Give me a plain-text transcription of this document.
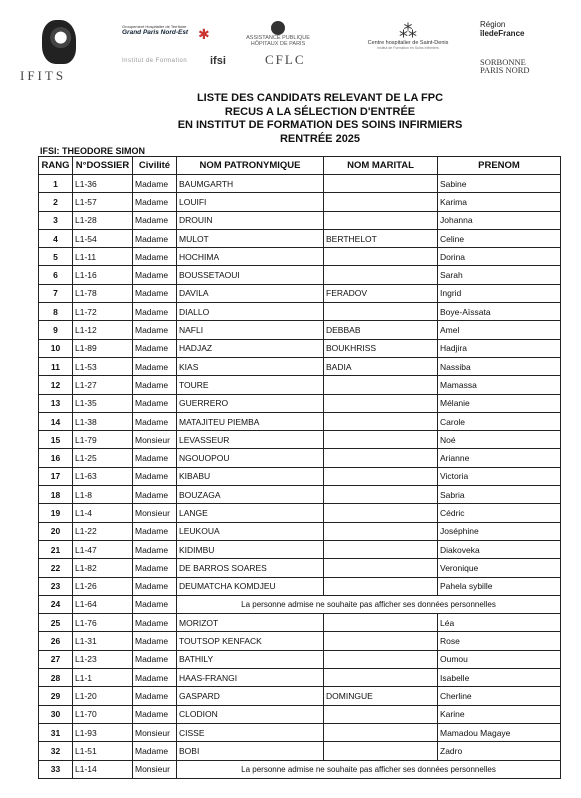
IFITS
Groupement Hospitalier de Territoire
Grand Paris Nord-Est
Institut de Formation
✱
ifsi
ASSISTANCE PUBLIQUE HÔPITAUX DE PARIS
CFLC
⁂
Centre hospitalier de Saint-Denis
Institut de Formation en Soins Infirmiers
Région
îledeFrance
SORBONNE
PARIS NORD
LISTE DES CANDIDATS RELEVANT DE LA FPC
RECUS A LA SÉLECTION D'ENTRÉE
EN INSTITUT DE FORMATION DES SOINS INFIRMIERS
RENTRÉE 2025
IFSI: THEODORE SIMON
RANG	N°DOSSIER	Civilité	NOM PATRONYMIQUE	NOM MARITAL	PRENOM
1	L1-36	Madame	BAUMGARTH		Sabine
2	L1-57	Madame	LOUIFI		Karima
3	L1-28	Madame	DROUIN		Johanna
4	L1-54	Madame	MULOT	BERTHELOT	Celine
5	L1-11	Madame	HOCHIMA		Dorina
6	L1-16	Madame	BOUSSETAOUI		Sarah
7	L1-78	Madame	DAVILA	FERADOV	Ingrid
8	L1-72	Madame	DIALLO		Boye-Aïssata
9	L1-12	Madame	NAFLI	DEBBAB	Amel
10	L1-89	Madame	HADJAZ	BOUKHRISS	Hadjira
11	L1-53	Madame	KIAS	BADIA	Nassiba
12	L1-27	Madame	TOURE		Mamassa
13	L1-35	Madame	GUERRERO		Mélanie
14	L1-38	Madame	MATAJITEU PIEMBA		Carole
15	L1-79	Monsieur	LEVASSEUR		Noé
16	L1-25	Madame	NGOUOPOU		Arianne
17	L1-63	Madame	KIBABU		Victoria
18	L1-8	Madame	BOUZAGA		Sabria
19	L1-4	Monsieur	LANGE		Cédric
20	L1-22	Madame	LEUKOUA		Joséphine
21	L1-47	Madame	KIDIMBU		Diakoveka
22	L1-82	Madame	DE BARROS SOARES		Veronique
23	L1-26	Madame	DEUMATCHA KOMDJEU		Pahela sybille
24	L1-64	Madame	La personne admise ne souhaite pas afficher ses données personnelles		
25	L1-76	Madame	MORIZOT		Léa
26	L1-31	Madame	TOUTSOP KENFACK		Rose
27	L1-23	Madame	BATHILY		Oumou
28	L1-1	Madame	HAAS-FRANGI		Isabelle
29	L1-20	Madame	GASPARD	DOMINGUE	Cherline
30	L1-70	Madame	CLODION		Karine
31	L1-93	Monsieur	CISSE		Mamadou Magaye
32	L1-51	Madame	BOBI		Zadro
33	L1-14	Monsieur	La personne admise ne souhaite pas afficher ses données personnelles		
